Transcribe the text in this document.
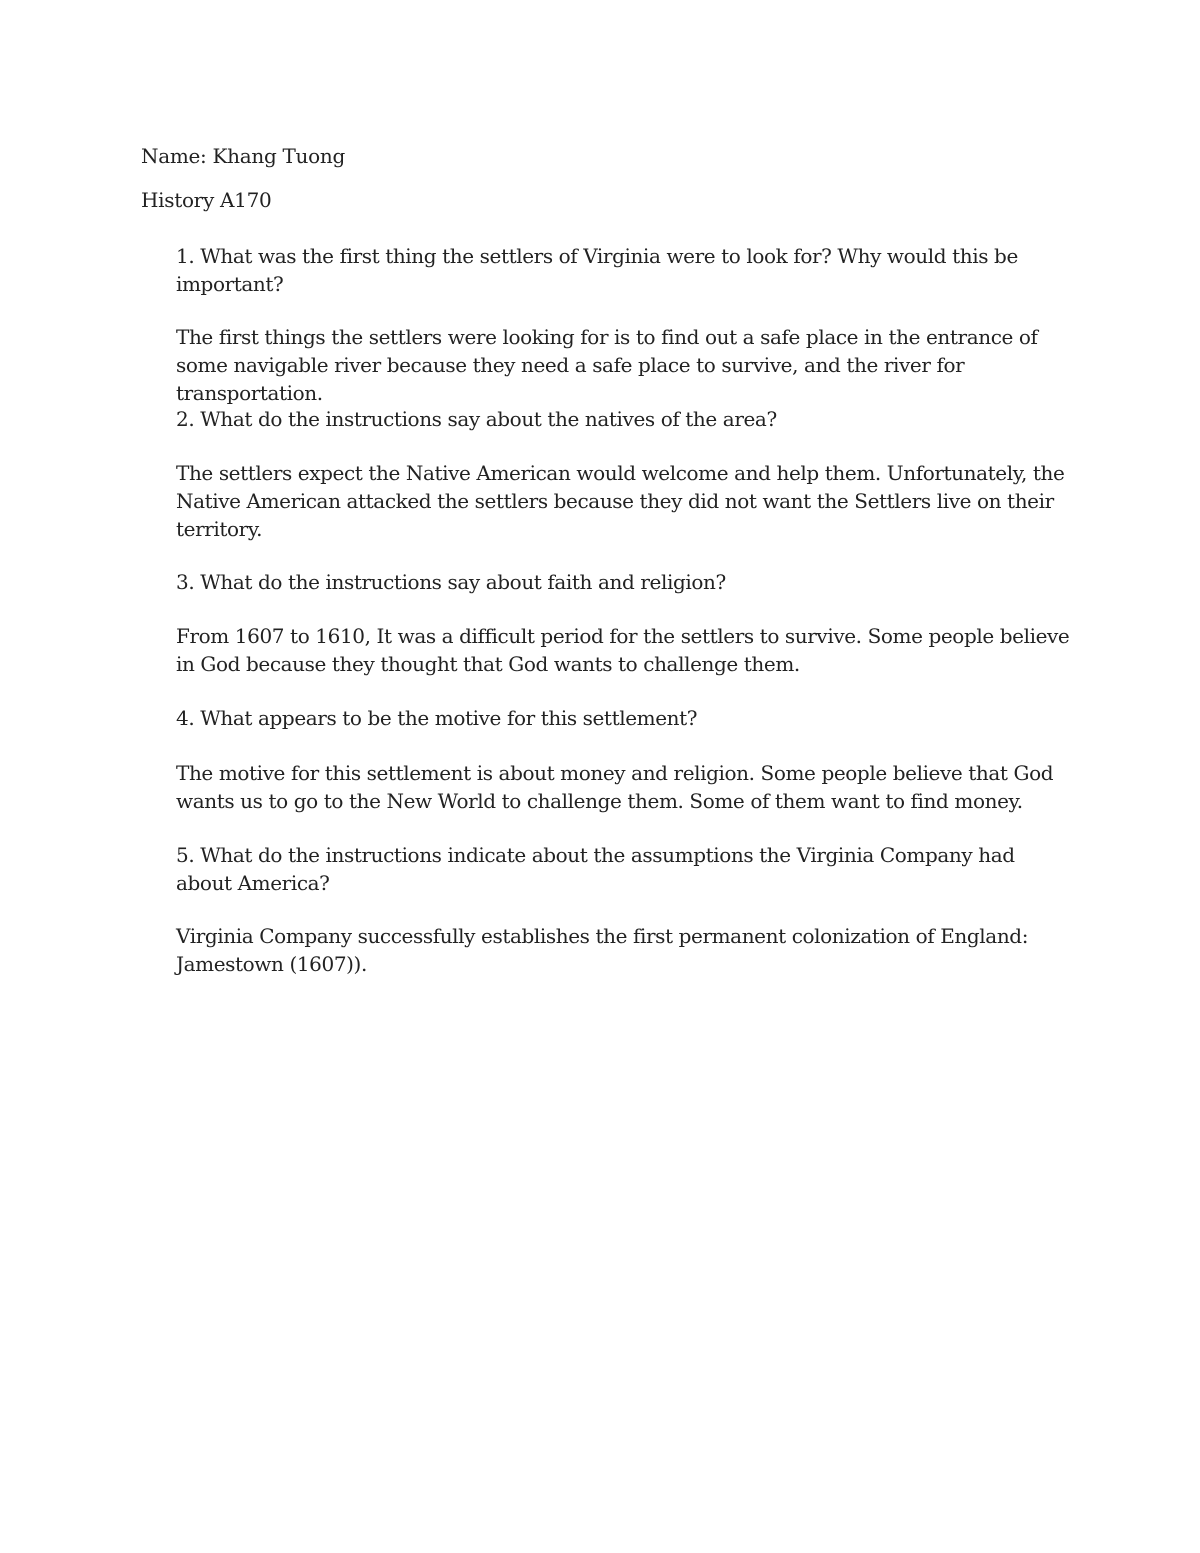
Name: Khang Tuong
History A170
1. What was the first thing the settlers of Virginia were to look for? Why would this be important?
The first things the settlers were looking for is to find out a safe place in the entrance of some navigable river because they need a safe place to survive, and the river for transportation.
2. What do the instructions say about the natives of the area?
The settlers expect the Native American would welcome and help them. Unfortunately, the Native American attacked the settlers because they did not want the Settlers live on their territory.
3. What do the instructions say about faith and religion?
From 1607 to 1610, It was a difficult period for the settlers to survive. Some people believe in God because they thought that God wants to challenge them.
4. What appears to be the motive for this settlement?
The motive for this settlement is about money and religion. Some people believe that God wants us to go to the New World to challenge them. Some of them want to find money.
5. What do the instructions indicate about the assumptions the Virginia Company had about America?
Virginia Company successfully establishes the first permanent colonization of England: Jamestown (1607)).
